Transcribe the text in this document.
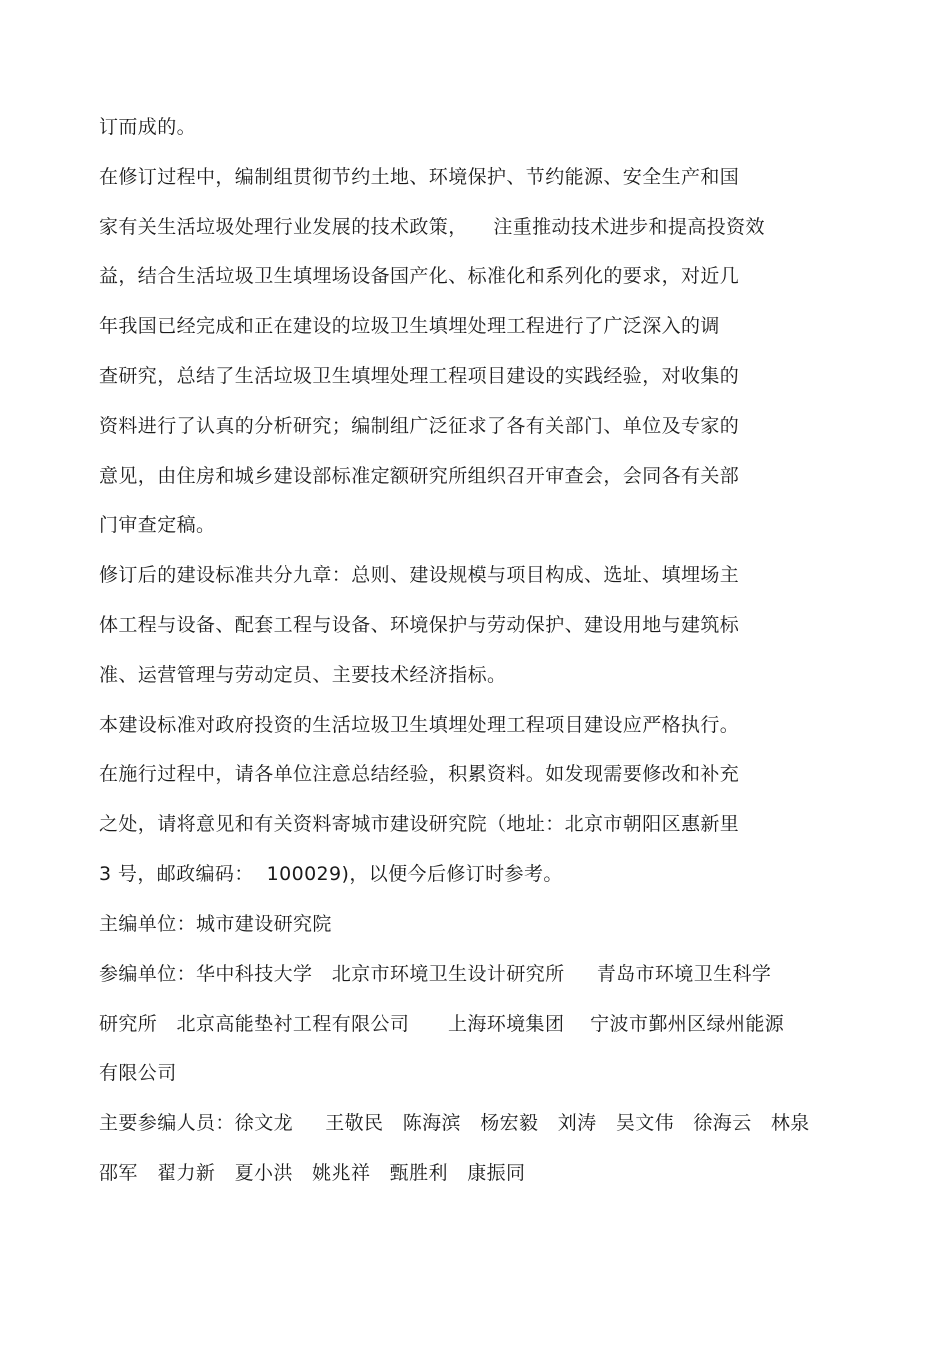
订而成的。
在修订过程中，编制组贯彻节约土地、环境保护、节约能源、安全生产和国
家有关生活垃圾处理行业发展的技术政策，    注重推动技术进步和提高投资效
益，结合生活垃圾卫生填埋场设备国产化、标准化和系列化的要求，对近几
年我国已经完成和正在建设的垃圾卫生填埋处理工程进行了广泛深入的调
查研究，总结了生活垃圾卫生填埋处理工程项目建设的实践经验，对收集的
资料进行了认真的分析研究；编制组广泛征求了各有关部门、单位及专家的
意见，由住房和城乡建设部标准定额研究所组织召开审查会，会同各有关部
门审查定稿。
修订后的建设标准共分九章：总则、建设规模与项目构成、选址、填埋场主
体工程与设备、配套工程与设备、环境保护与劳动保护、建设用地与建筑标
准、运营管理与劳动定员、主要技术经济指标。
本建设标准对政府投资的生活垃圾卫生填埋处理工程项目建设应严格执行。
在施行过程中，请各单位注意总结经验，积累资料。如发现需要修改和补充
之处，请将意见和有关资料寄城市建设研究院（地址：北京市朝阳区惠新里
3 号，邮政编码：  100029)，以便今后修订时参考。
主编单位：城市建设研究院
参编单位：华中科技大学   北京市环境卫生设计研究所     青岛市环境卫生科学
研究所   北京高能垫衬工程有限公司      上海环境集团    宁波市鄞州区绿州能源
有限公司
主要参编人员：徐文龙     王敬民   陈海滨   杨宏毅   刘涛   吴文伟   徐海云   林泉
邵军   翟力新   夏小洪   姚兆祥   甄胜利   康振同
